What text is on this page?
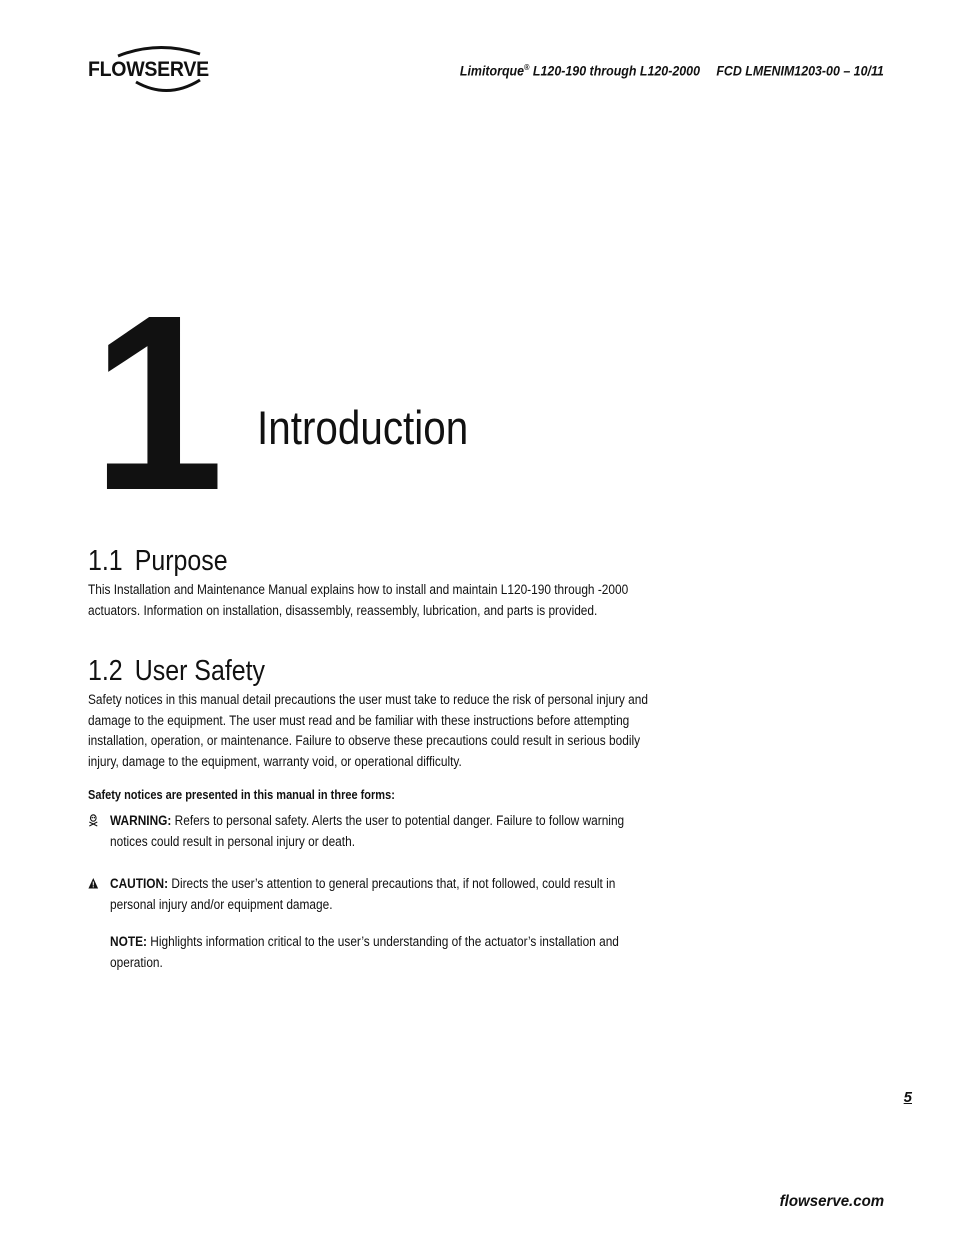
FLOWSERVE	Limitorque® L120-190 through L120-2000 FCD LMENIM1203-00 – 10/11
1 Introduction
1.1 Purpose

This Installation and Maintenance Manual explains how to install and maintain L120-190 through -2000 actuators. Information on installation, disassembly, reassembly, lubrication, and parts is provided.

1.2 User Safety

Safety notices in this manual detail precautions the user must take to reduce the risk of personal injury and damage to the equipment. The user must read and be familiar with these instructions before attempting installation, operation, or maintenance. Failure to observe these precautions could result in serious bodily injury, damage to the equipment, warranty void, or operational difficulty.

Safety notices are presented in this manual in three forms:
WARNING: Refers to personal safety. Alerts the user to potential danger. Failure to follow warning notices could result in personal injury or death.
CAUTION: Directs the user’s attention to general precautions that, if not followed, could result in personal injury and/or equipment damage.
NOTE: Highlights information critical to the user’s understanding of the actuator’s installation and operation.
5
flowserve.com
